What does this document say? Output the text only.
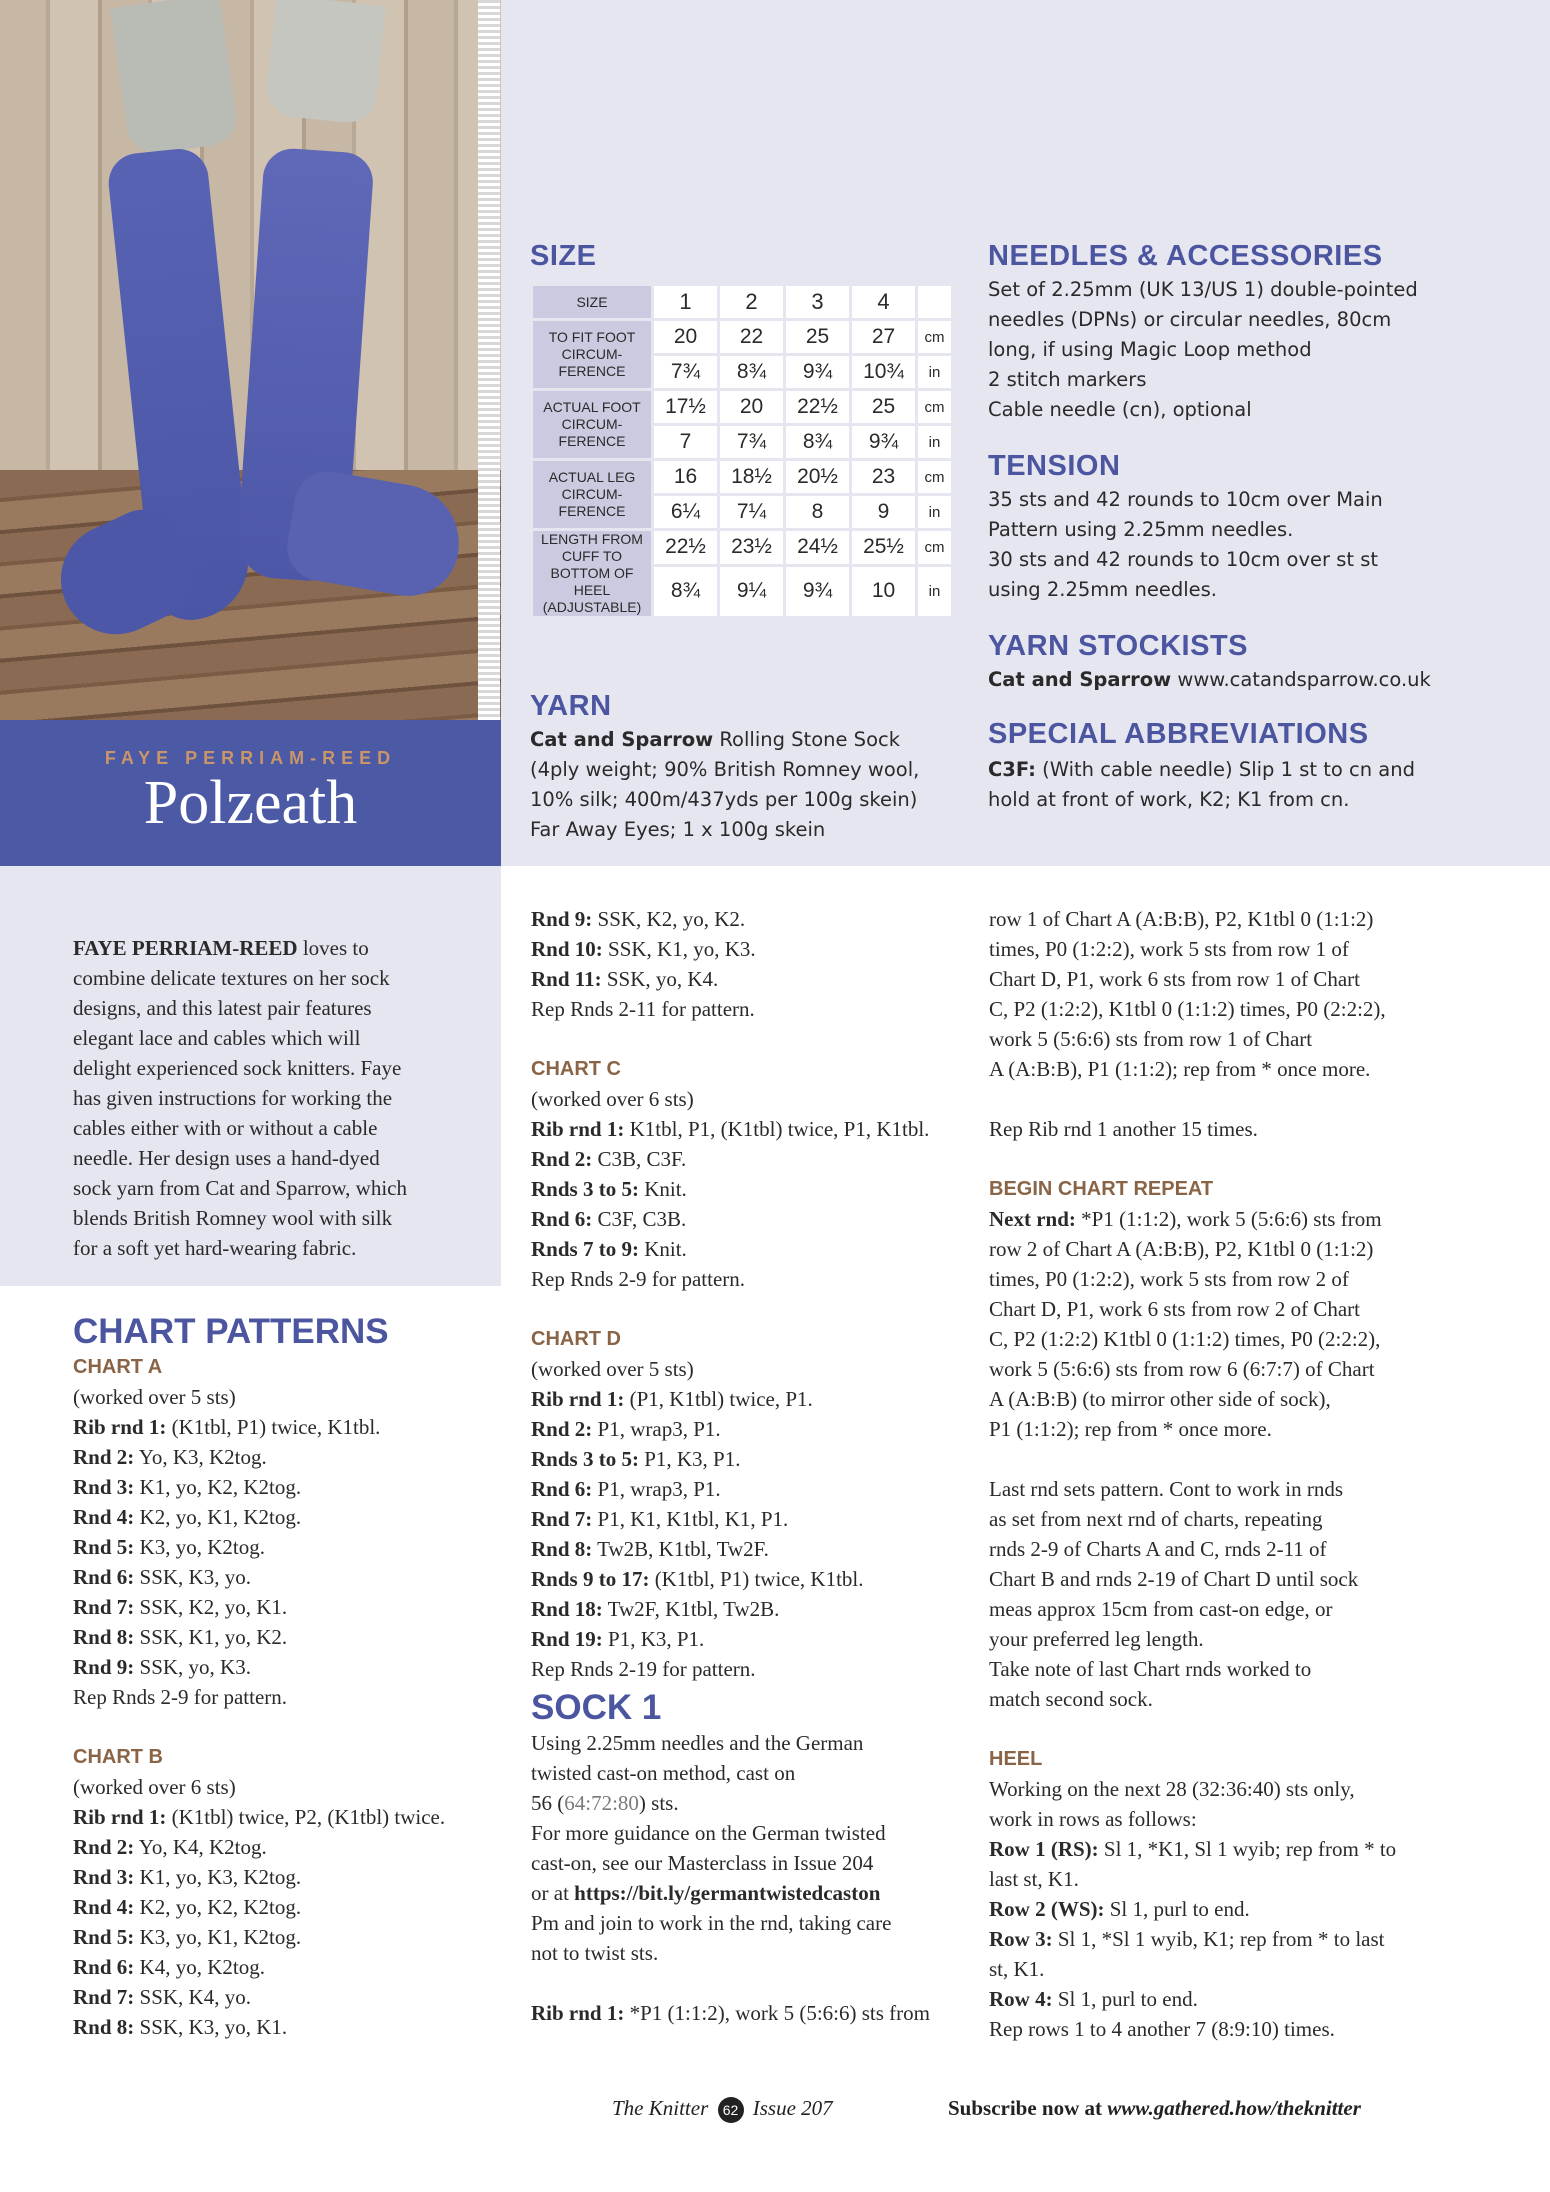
FAYE PERRIAM-REED
Polzeath
SIZE
SIZE	1	2	3	4	
TO FIT FOOT CIRCUM-FERENCE	20	22	25	27	cm
	7¾	8¾	9¾	10¾	in
ACTUAL FOOT CIRCUM-FERENCE	17½	20	22½	25	cm
	7	7¾	8¾	9¾	in
ACTUAL LEG CIRCUM-FERENCE	16	18½	20½	23	cm
	6¼	7¼	8	9	in
LENGTH FROM CUFF TO BOTTOM OF HEEL (ADJUSTABLE)	22½	23½	24½	25½	cm
	8¾	9¼	9¾	10	in
YARN
Cat and Sparrow Rolling Stone Sock
(4ply weight; 90% British Romney wool,
10% silk; 400m/437yds per 100g skein)
Far Away Eyes; 1 x 100g skein
NEEDLES & ACCESSORIES
Set of 2.25mm (UK 13/US 1) double-pointed
needles (DPNs) or circular needles, 80cm
long, if using Magic Loop method
2 stitch markers
Cable needle (cn), optional
TENSION
35 sts and 42 rounds to 10cm over Main
Pattern using 2.25mm needles.
30 sts and 42 rounds to 10cm over st st
using 2.25mm needles.
YARN STOCKISTS
Cat and Sparrow www.catandsparrow.co.uk
SPECIAL ABBREVIATIONS
C3F: (With cable needle) Slip 1 st to cn and
hold at front of work, K2; K1 from cn.
FAYE PERRIAM-REED loves to
combine delicate textures on her sock
designs, and this latest pair features
elegant lace and cables which will
delight experienced sock knitters. Faye
has given instructions for working the
cables either with or without a cable
needle. Her design uses a hand-dyed
sock yarn from Cat and Sparrow, which
blends British Romney wool with silk
for a soft yet hard-wearing fabric.
CHART PATTERNS
CHART A
(worked over 5 sts)
Rib rnd 1: (K1tbl, P1) twice, K1tbl.
Rnd 2: Yo, K3, K2tog.
Rnd 3: K1, yo, K2, K2tog.
Rnd 4: K2, yo, K1, K2tog.
Rnd 5: K3, yo, K2tog.
Rnd 6: SSK, K3, yo.
Rnd 7: SSK, K2, yo, K1.
Rnd 8: SSK, K1, yo, K2.
Rnd 9: SSK, yo, K3.
Rep Rnds 2-9 for pattern.
CHART B
(worked over 6 sts)
Rib rnd 1: (K1tbl) twice, P2, (K1tbl) twice.
Rnd 2: Yo, K4, K2tog.
Rnd 3: K1, yo, K3, K2tog.
Rnd 4: K2, yo, K2, K2tog.
Rnd 5: K3, yo, K1, K2tog.
Rnd 6: K4, yo, K2tog.
Rnd 7: SSK, K4, yo.
Rnd 8: SSK, K3, yo, K1.
Rnd 9: SSK, K2, yo, K2.
Rnd 10: SSK, K1, yo, K3.
Rnd 11: SSK, yo, K4.
Rep Rnds 2-11 for pattern.
CHART C
(worked over 6 sts)
Rib rnd 1: K1tbl, P1, (K1tbl) twice, P1, K1tbl.
Rnd 2: C3B, C3F.
Rnds 3 to 5: Knit.
Rnd 6: C3F, C3B.
Rnds 7 to 9: Knit.
Rep Rnds 2-9 for pattern.
CHART D
(worked over 5 sts)
Rib rnd 1: (P1, K1tbl) twice, P1.
Rnd 2: P1, wrap3, P1.
Rnds 3 to 5: P1, K3, P1.
Rnd 6: P1, wrap3, P1.
Rnd 7: P1, K1, K1tbl, K1, P1.
Rnd 8: Tw2B, K1tbl, Tw2F.
Rnds 9 to 17: (K1tbl, P1) twice, K1tbl.
Rnd 18: Tw2F, K1tbl, Tw2B.
Rnd 19: P1, K3, P1.
Rep Rnds 2-19 for pattern.
SOCK 1
Using 2.25mm needles and the German
twisted cast-on method, cast on
56 (64:72:80) sts.
For more guidance on the German twisted
cast-on, see our Masterclass in Issue 204
or at https://bit.ly/germantwistedcaston
Pm and join to work in the rnd, taking care
not to twist sts.
Rib rnd 1: *P1 (1:1:2), work 5 (5:6:6) sts from
row 1 of Chart A (A:B:B), P2, K1tbl 0 (1:1:2)
times, P0 (1:2:2), work 5 sts from row 1 of
Chart D, P1, work 6 sts from row 1 of Chart
C, P2 (1:2:2), K1tbl 0 (1:1:2) times, P0 (2:2:2),
work 5 (5:6:6) sts from row 1 of Chart
A (A:B:B), P1 (1:1:2); rep from * once more.
Rep Rib rnd 1 another 15 times.
BEGIN CHART REPEAT
Next rnd: *P1 (1:1:2), work 5 (5:6:6) sts from
row 2 of Chart A (A:B:B), P2, K1tbl 0 (1:1:2)
times, P0 (1:2:2), work 5 sts from row 2 of
Chart D, P1, work 6 sts from row 2 of Chart
C, P2 (1:2:2) K1tbl 0 (1:1:2) times, P0 (2:2:2),
work 5 (5:6:6) sts from row 6 (6:7:7) of Chart
A (A:B:B) (to mirror other side of sock),
P1 (1:1:2); rep from * once more.
Last rnd sets pattern. Cont to work in rnds
as set from next rnd of charts, repeating
rnds 2-9 of Charts A and C, rnds 2-11 of
Chart B and rnds 2-19 of Chart D until sock
meas approx 15cm from cast-on edge, or
your preferred leg length.
Take note of last Chart rnds worked to
match second sock.
HEEL
Working on the next 28 (32:36:40) sts only,
work in rows as follows:
Row 1 (RS): Sl 1, *K1, Sl 1 wyib; rep from * to
last st, K1.
Row 2 (WS): Sl 1, purl to end.
Row 3: Sl 1, *Sl 1 wyib, K1; rep from * to last
st, K1.
Row 4: Sl 1, purl to end.
Rep rows 1 to 4 another 7 (8:9:10) times.
The Knitter 62 Issue 207	Subscribe now at www.gathered.how/theknitter
